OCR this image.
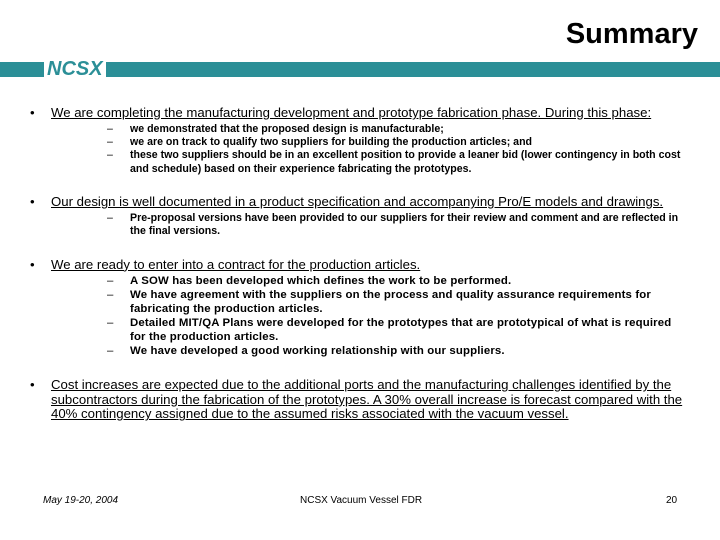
Summary
NCSX
• We are completing the manufacturing development and prototype fabrication phase. During this phase:
– we demonstrated that the proposed design is manufacturable;
– we are on track to qualify two suppliers for building the production articles; and
– these two suppliers should be in an excellent position to provide a leaner bid (lower contingency in both cost and schedule) based on their experience fabricating the prototypes.
• Our design is well documented in a product specification and accompanying Pro/E models and drawings.
– Pre-proposal versions have been provided to our suppliers for their review and comment and are reflected in the final versions.
• We are ready to enter into a contract for the production articles.
– A SOW has been developed which defines the work to be performed.
– We have agreement with the suppliers on the process and quality assurance requirements for fabricating the production articles.
– Detailed MIT/QA Plans were developed for the prototypes that are prototypical of what is required for the production articles.
– We have developed a good working relationship with our suppliers.
• Cost increases are expected due to the additional ports and the manufacturing challenges identified by the subcontractors during the fabrication of the prototypes. A 30% overall increase is forecast compared with the 40% contingency assigned due to the assumed risks associated with the vacuum vessel.
May 19-20, 2004	NCSX Vacuum Vessel FDR	20
